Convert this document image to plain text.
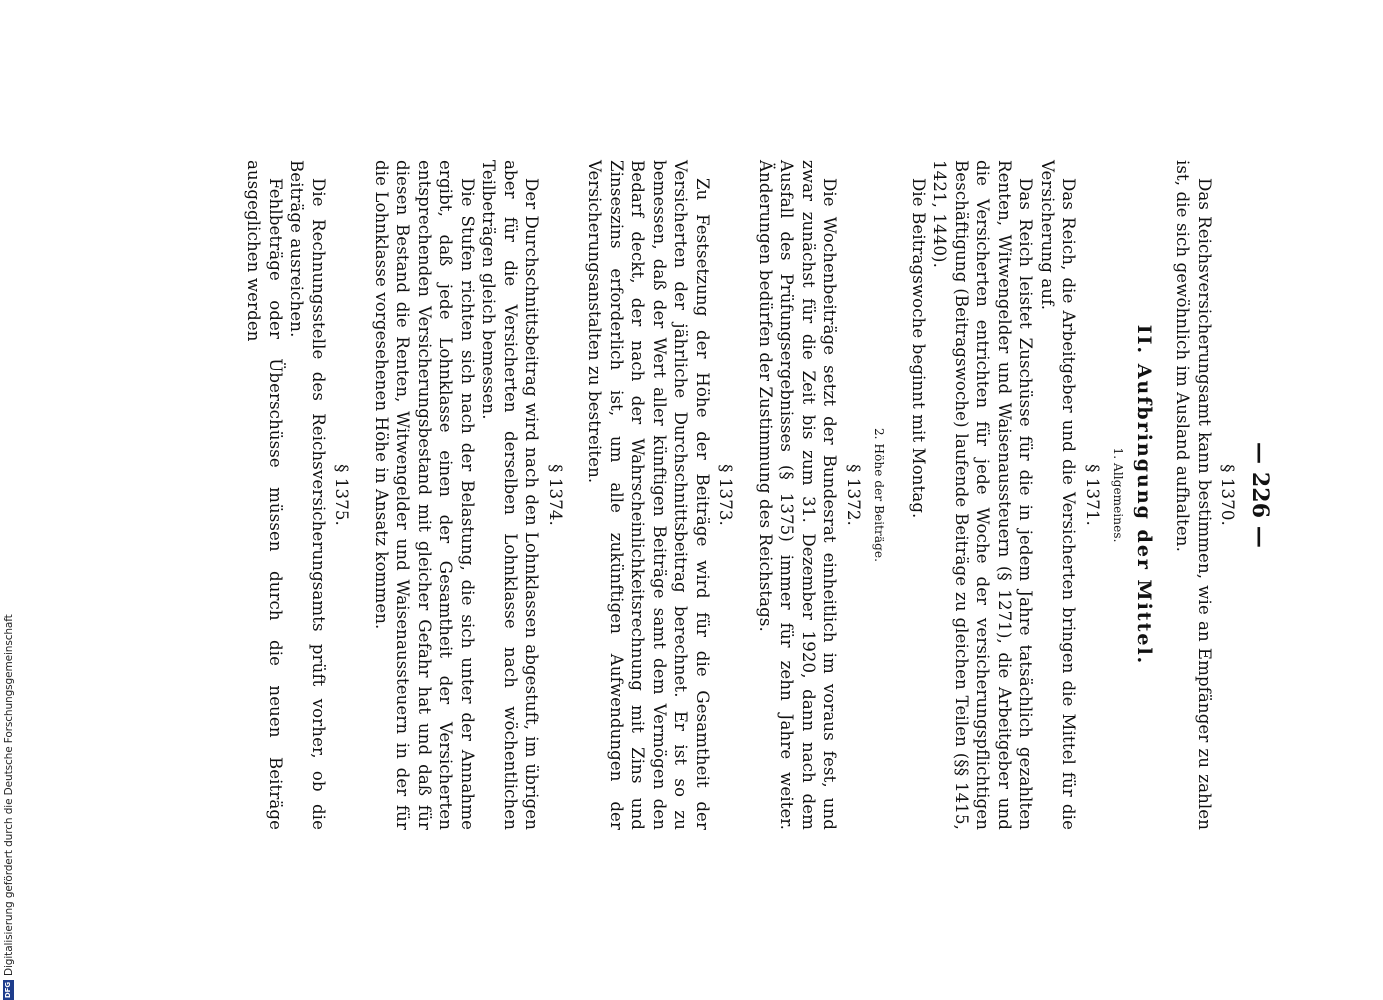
— 226 —
§ 1370.

Das Reichsversicherungsamt kann bestimmen, wie an Empfänger zu zahlen ist, die sich gewöhnlich im Ausland aufhalten.

II. Aufbringung der Mittel.
1. Allgemeines.
§ 1371.

Das Reich, die Arbeitgeber und die Versicherten bringen die Mittel für die Versicherung auf.

Das Reich leistet Zuschüsse für die in jedem Jahre tatsächlich gezahlten Renten, Witwengelder und Waisenaussteuern (§ 1271), die Arbeitgeber und die Versicherten entrichten für jede Woche der versicherungspflichtigen Beschäftigung (Beitragswoche) laufende Beiträge zu gleichen Teilen (§§ 1415, 1421, 1440).

Die Beitragswoche beginnt mit Montag.

2. Höhe der Beiträge.
§ 1372.

Die Wochenbeiträge setzt der Bundesrat einheitlich im voraus fest, und zwar zunächst für die Zeit bis zum 31. Dezember 1920, dann nach dem Ausfall des Prüfungsergebnisses (§ 1375) immer für zehn Jahre weiter. Änderungen bedürfen der Zustimmung des Reichstags.

§ 1373.

Zu Festsetzung der Höhe der Beiträge wird für die Gesamtheit der Versicherten der jährliche Durchschnittsbeitrag berechnet. Er ist so zu bemessen, daß der Wert aller künftigen Beiträge samt dem Vermögen den Bedarf deckt, der nach der Wahrscheinlichkeitsrechnung mit Zins und Zinseszins erforderlich ist, um alle zukünftigen Aufwendungen der Versicherungsanstalten zu bestreiten.

§ 1374.

Der Durchschnittsbeitrag wird nach den Lohnklassen abgestuft, im übrigen aber für die Versicherten derselben Lohnklasse nach wöchentlichen Teilbeträgen gleich bemessen.

Die Stufen richten sich nach der Belastung, die sich unter der Annahme ergibt, daß jede Lohnklasse einen der Gesamtheit der Versicherten entsprechenden Versicherungsbestand mit gleicher Gefahr hat und daß für diesen Bestand die Renten, Witwengelder und Waisenaussteuern in der für die Lohnklasse vorgesehenen Höhe in Ansatz kommen.

§ 1375.

Die Rechnungsstelle des Reichsversicherungsamts prüft vorher, ob die Beiträge ausreichen.

Fehlbeträge oder Überschüsse müssen durch die neuen Beiträge ausgeglichen werden

Digitalisierung gefördert durch die Deutsche Forschungsgemeinschaft
DFG
